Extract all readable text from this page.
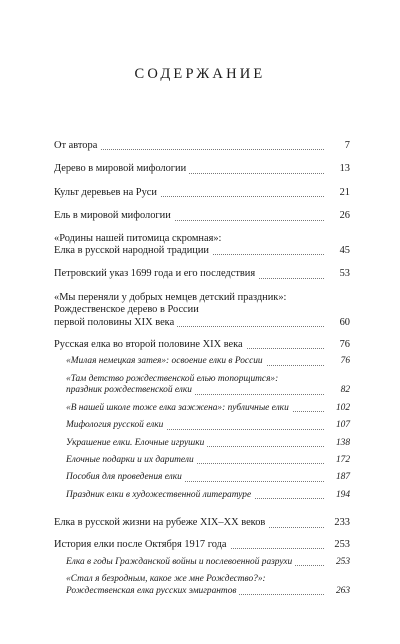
СОДЕРЖАНИЕ
От автора	7
Дерево в мировой мифологии	13
Культ деревьев на Руси	21
Ель в мировой мифологии	26
«Родины нашей питомица скромная»:
Елка в русской народной традиции	45
Петровский указ 1699 года и его последствия	53
«Мы переняли у добрых немцев детский праздник»:
Рождественское дерево в России
первой половины XIX века	60
Русская елка во второй половине XIX века	76
«Милая немецкая затея»: освоение елки в России	76
«Там детство рождественской елью топорщится»:
праздник рождественской елки	82
«В нашей школе тоже елка зажжена»: публичные елки	102
Мифология русской елки	107
Украшение елки. Елочные игрушки	138
Елочные подарки и их дарители	172
Пособия для проведения елки	187
Праздник елки в художественной литературе	194
Елка в русской жизни на рубеже XIX–XX веков	233
История елки после Октября 1917 года	253
Елка в годы Гражданской войны и послевоенной разрухи	253
«Стал я безродным, какое же мне Рождество?»:
Рождественская елка русских эмигрантов	263
